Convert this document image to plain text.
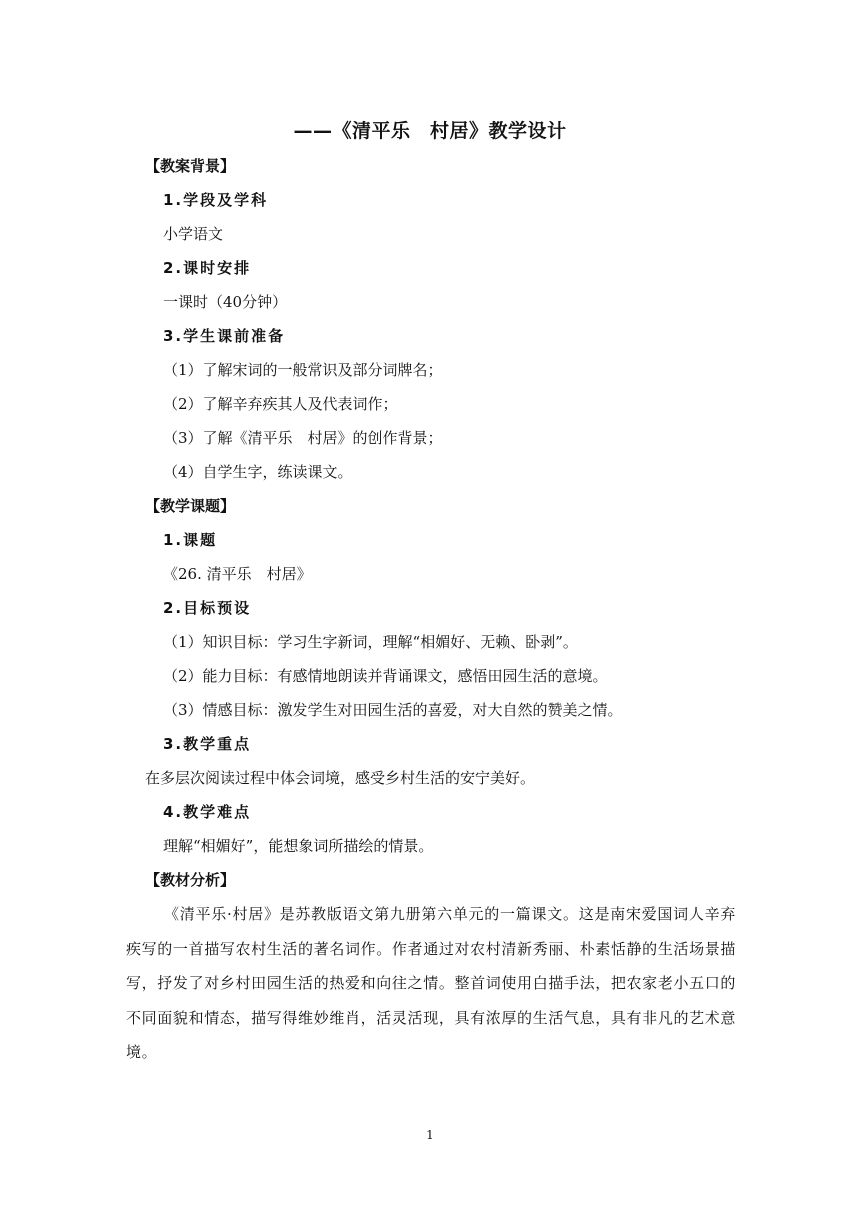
——《清平乐　村居》教学设计
【教案背景】
1.学段及学科
小学语文
2.课时安排
一课时（40分钟）
3.学生课前准备
（1）了解宋词的一般常识及部分词牌名；
（2）了解辛弃疾其人及代表词作；
（3）了解《清平乐　村居》的创作背景；
（4）自学生字，练读课文。
【教学课题】
1.课题
《26. 清平乐　村居》
2.目标预设
（1）知识目标：学习生字新词，理解“相媚好、无赖、卧剥”。
（2）能力目标：有感情地朗读并背诵课文，感悟田园生活的意境。
（3）情感目标：激发学生对田园生活的喜爱，对大自然的赞美之情。
3.教学重点
在多层次阅读过程中体会词境，感受乡村生活的安宁美好。
4.教学难点
理解“相媚好”，能想象词所描绘的情景。
【教材分析】
《清平乐·村居》是苏教版语文第九册第六单元的一篇课文。这是南宋爱国词人辛弃疾写的一首描写农村生活的著名词作。作者通过对农村清新秀丽、朴素恬静的生活场景描写，抒发了对乡村田园生活的热爱和向往之情。整首词使用白描手法，把农家老小五口的不同面貌和情态，描写得维妙维肖，活灵活现，具有浓厚的生活气息，具有非凡的艺术意境。
1
